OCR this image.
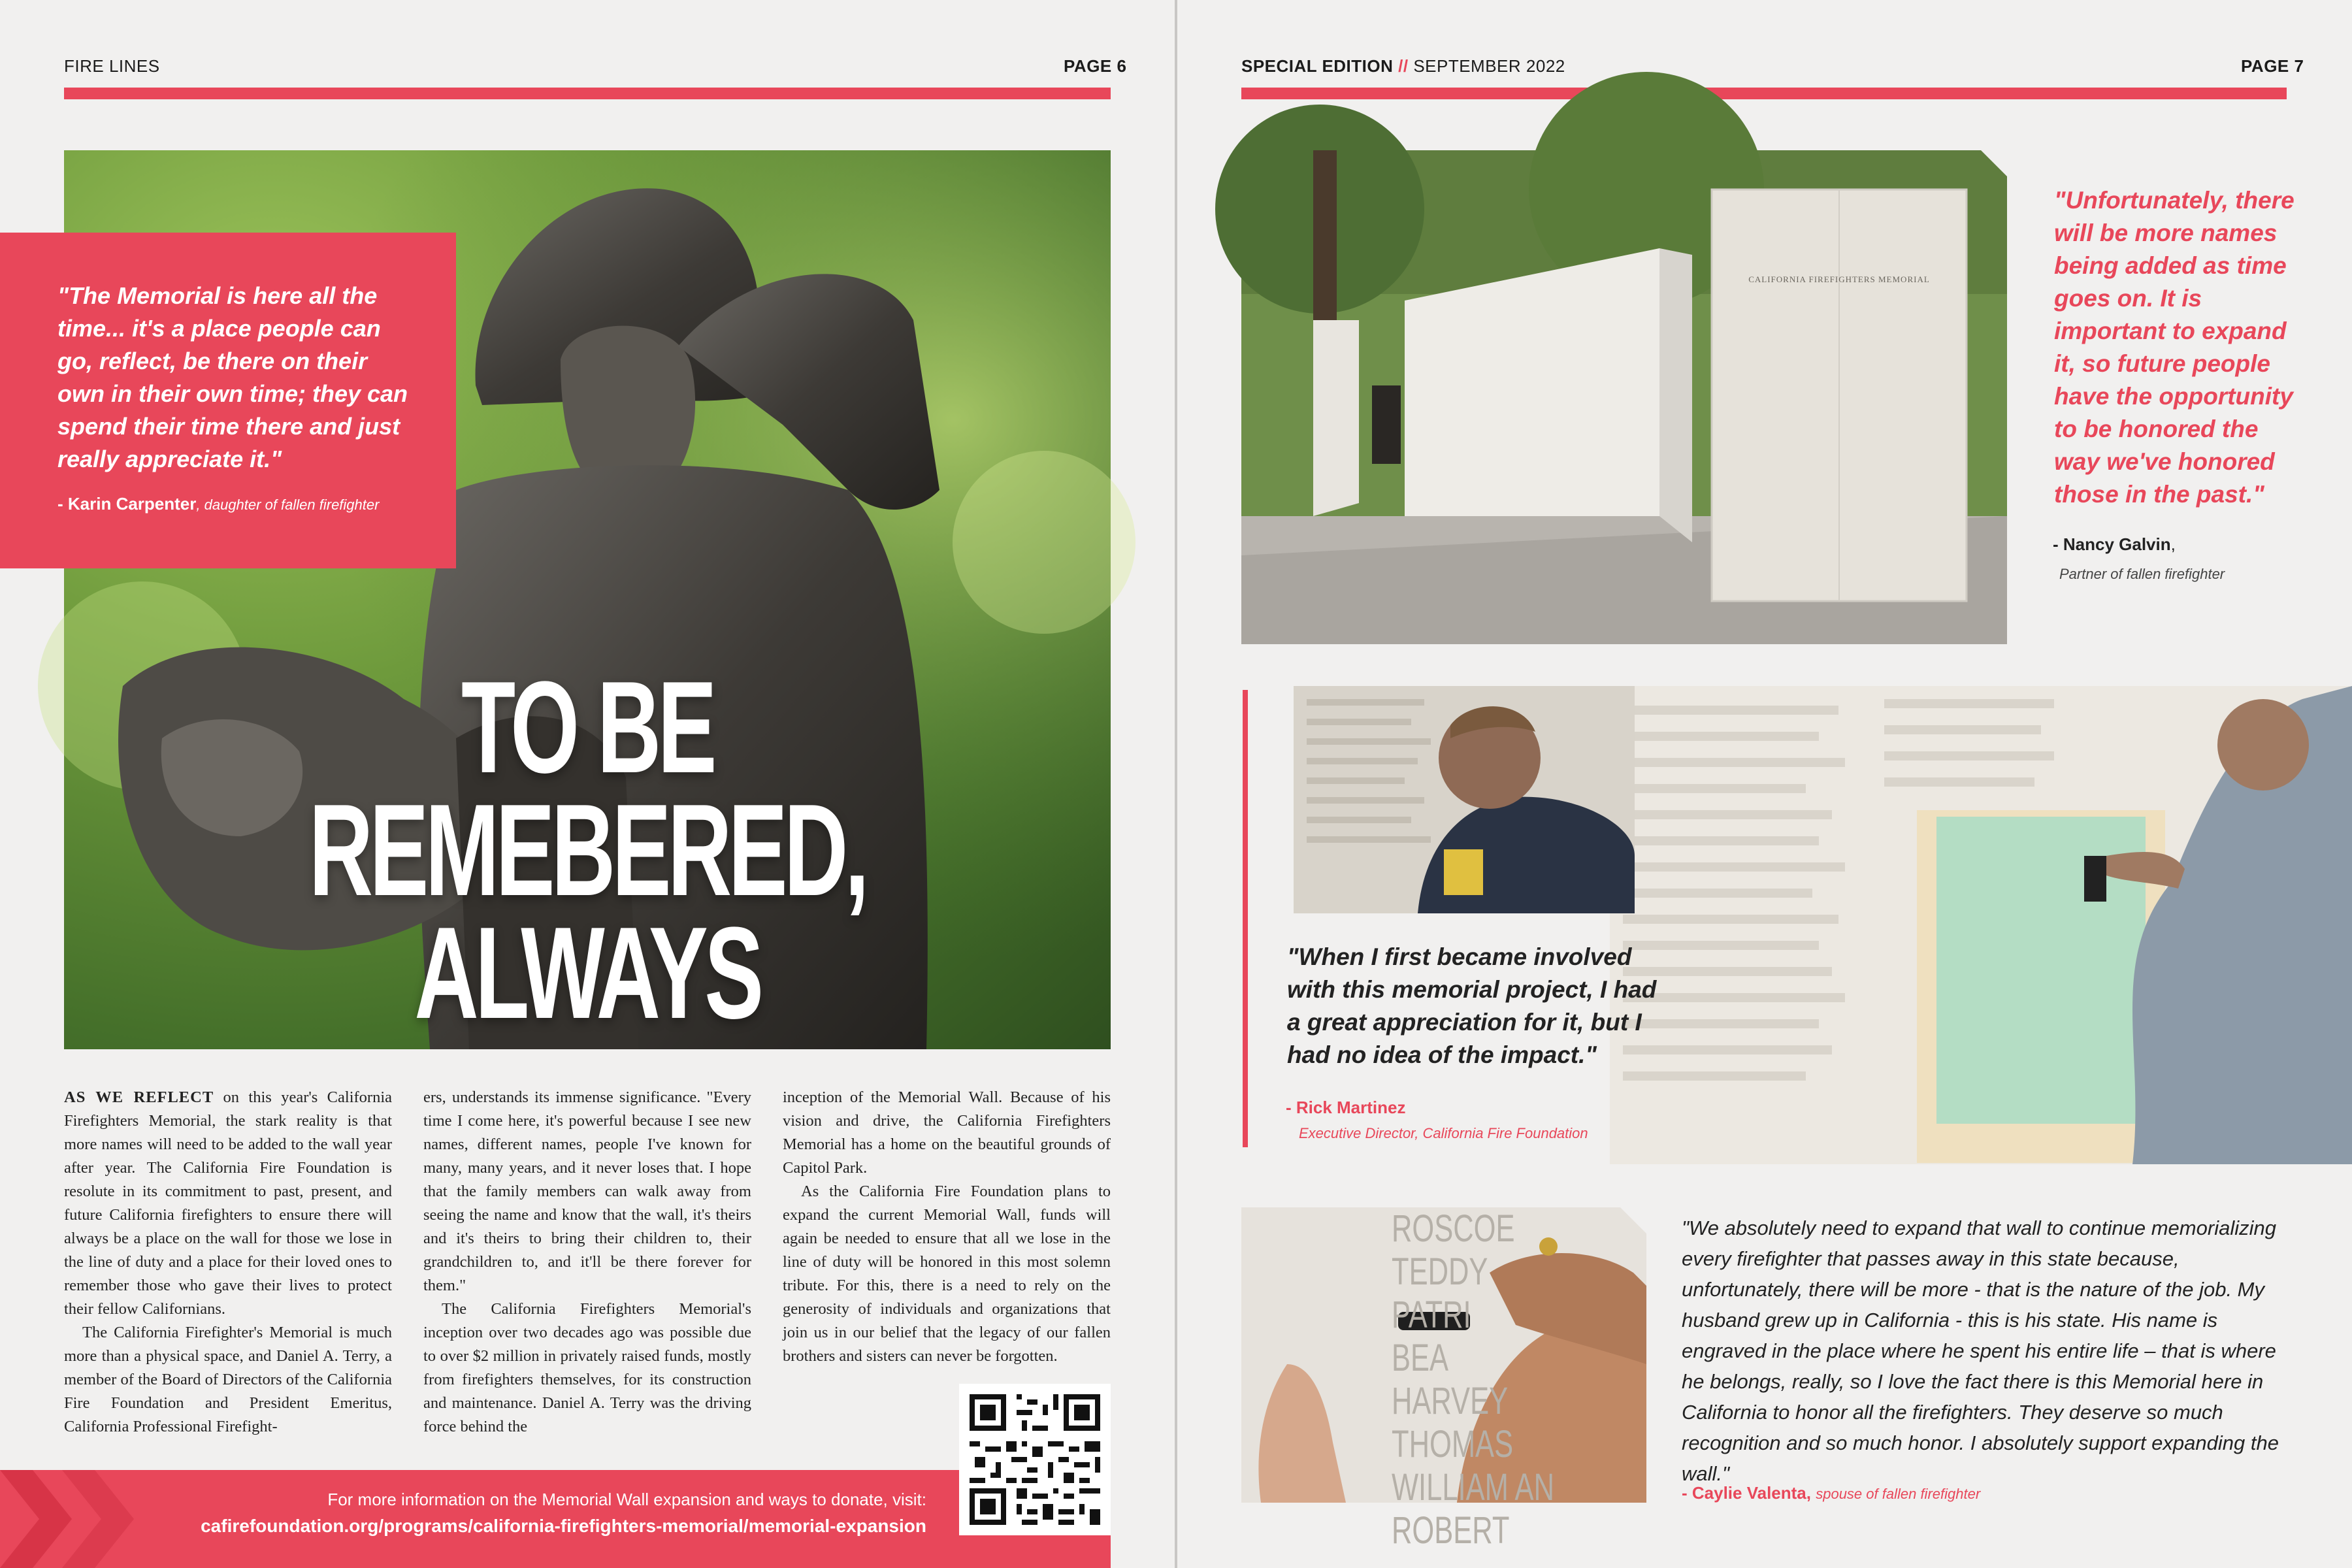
FIRE LINES	PAGE 6
TO BE
REMEBERED,
ALWAYS
"The Memorial is here all the time... it's a place people can go, reflect, be there on their own in their own time; they can spend their time there and just really appreciate it."
- Karin Carpenter, daughter of fallen firefighter

AS WE REFLECT on this year's California Firefighters Memorial, the stark reality is that more names will need to be added to the wall year after year. The California Fire Foundation is resolute in its commitment to past, present, and future California firefighters to ensure there will always be a place on the wall for those we lose in the line of duty and a place for their loved ones to remember those who gave their lives to protect their fellow Californians.

The California Firefighter's Memorial is much more than a physical space, and Daniel A. Terry, a member of the Board of Directors of the California Fire Foundation and President Emeritus, California Professional Firefight-

ers, understands its immense significance. "Every time I come here, it's powerful because I see new names, different names, people I've known for many, many years, and it never loses that. I hope that the family members can walk away from seeing the name and know that the wall, it's theirs and it's theirs to bring their children to, their grandchildren to, and it'll be there forever for them."

The California Firefighters Memorial's inception over two decades ago was possible due to over $2 million in privately raised funds, mostly from firefighters themselves, for its construction and maintenance. Daniel A. Terry was the driving force behind the

inception of the Memorial Wall. Because of his vision and drive, the California Firefighters Memorial has a home on the beautiful grounds of Capitol Park.

As the California Fire Foundation plans to expand the current Memorial Wall, funds will again be needed to ensure that all we lose in the line of duty will be honored in this most solemn tribute. For this, there is a need to rely on the generosity of individuals and organizations that join us in our belief that the legacy of our fallen brothers and sisters can never be forgotten.

For more information on the Memorial Wall expansion and ways to donate, visit:
cafirefoundation.org/programs/california-firefighters-memorial/memorial-expansion
SPECIAL EDITION // SEPTEMBER 2022	PAGE 7
CALIFORNIA FIREFIGHTERS MEMORIAL
"Unfortunately, there will be more names being added as time goes on. It is important to expand it, so future people have the opportunity to be honored the way we've honored those in the past."
- Nancy Galvin,
Partner of fallen firefighter
"When I first became involved with this memorial project, I had a great appreciation for it, but I had no idea of the impact."
- Rick Martinez
Executive Director, California Fire Foundation
ROSCOE
TEDDY
PATRI
BEA
HARVEY
THOMAS
WILLIAM AN
ROBERT
"We absolutely need to expand that wall to continue memorializing every firefighter that passes away in this state because, unfortunately, there will be more - that is the nature of the job. My husband grew up in California - this is his state. His name is engraved in the place where he spent his entire life – that is where he belongs, really, so I love the fact there is this Memorial here in California to honor all the firefighters. They deserve so much recognition and so much honor. I absolutely support expanding the wall."
- Caylie Valenta, spouse of fallen firefighter
